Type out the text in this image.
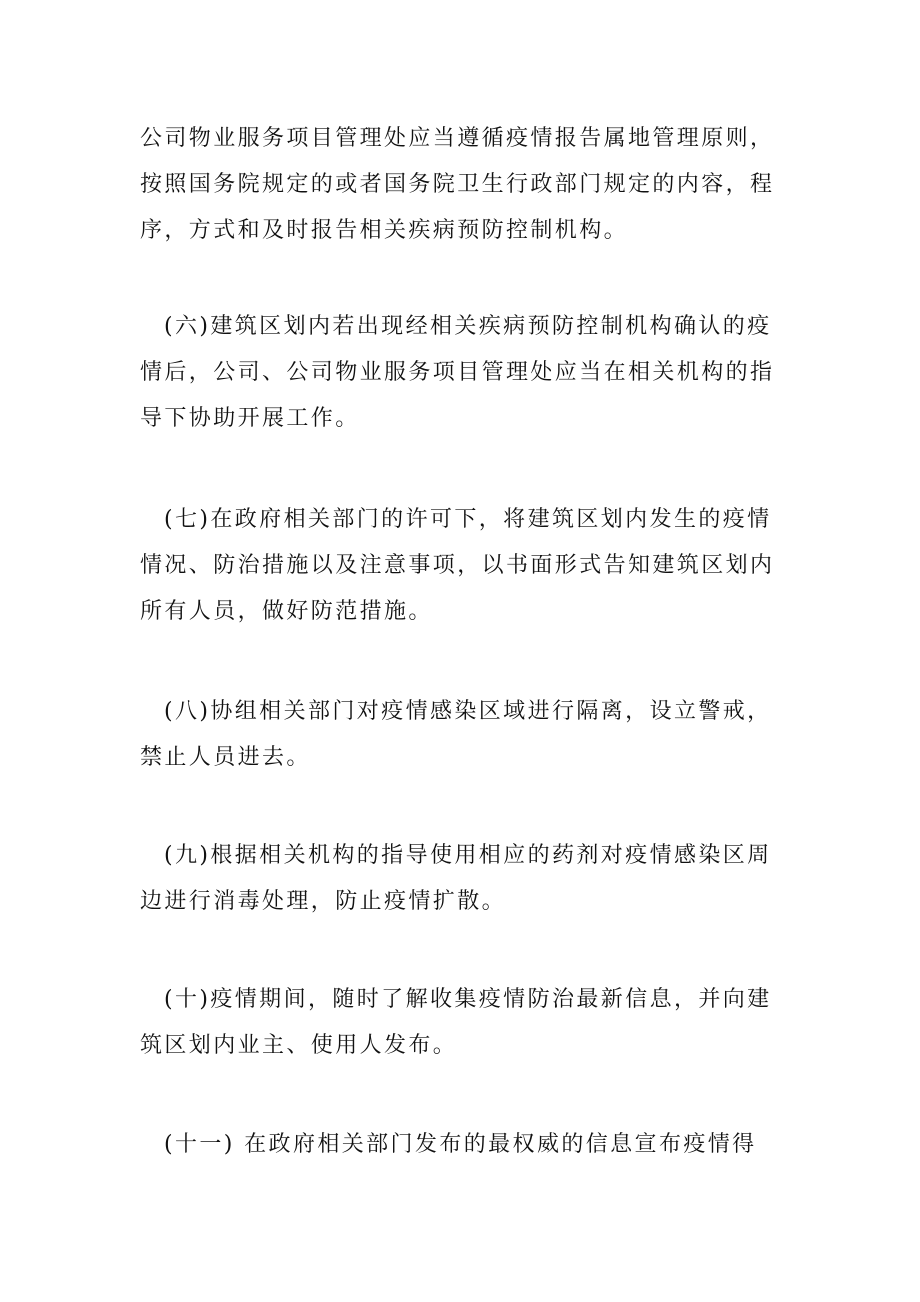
公司物业服务项目管理处应当遵循疫情报告属地管理原则，
按照国务院规定的或者国务院卫生行政部门规定的内容，程
序，方式和及时报告相关疾病预防控制机构。

(六)建筑区划内若出现经相关疾病预防控制机构确认的疫
情后，公司、公司物业服务项目管理处应当在相关机构的指
导下协助开展工作。

(七)在政府相关部门的许可下，将建筑区划内发生的疫情
情况、防治措施以及注意事项，以书面形式告知建筑区划内
所有人员，做好防范措施。

(八)协组相关部门对疫情感染区域进行隔离，设立警戒，
禁止人员进去。

(九)根据相关机构的指导使用相应的药剂对疫情感染区周
边进行消毒处理，防止疫情扩散。

(十)疫情期间，随时了解收集疫情防治最新信息，并向建
筑区划内业主、使用人发布。

(十一) 在政府相关部门发布的最权威的信息宣布疫情得
